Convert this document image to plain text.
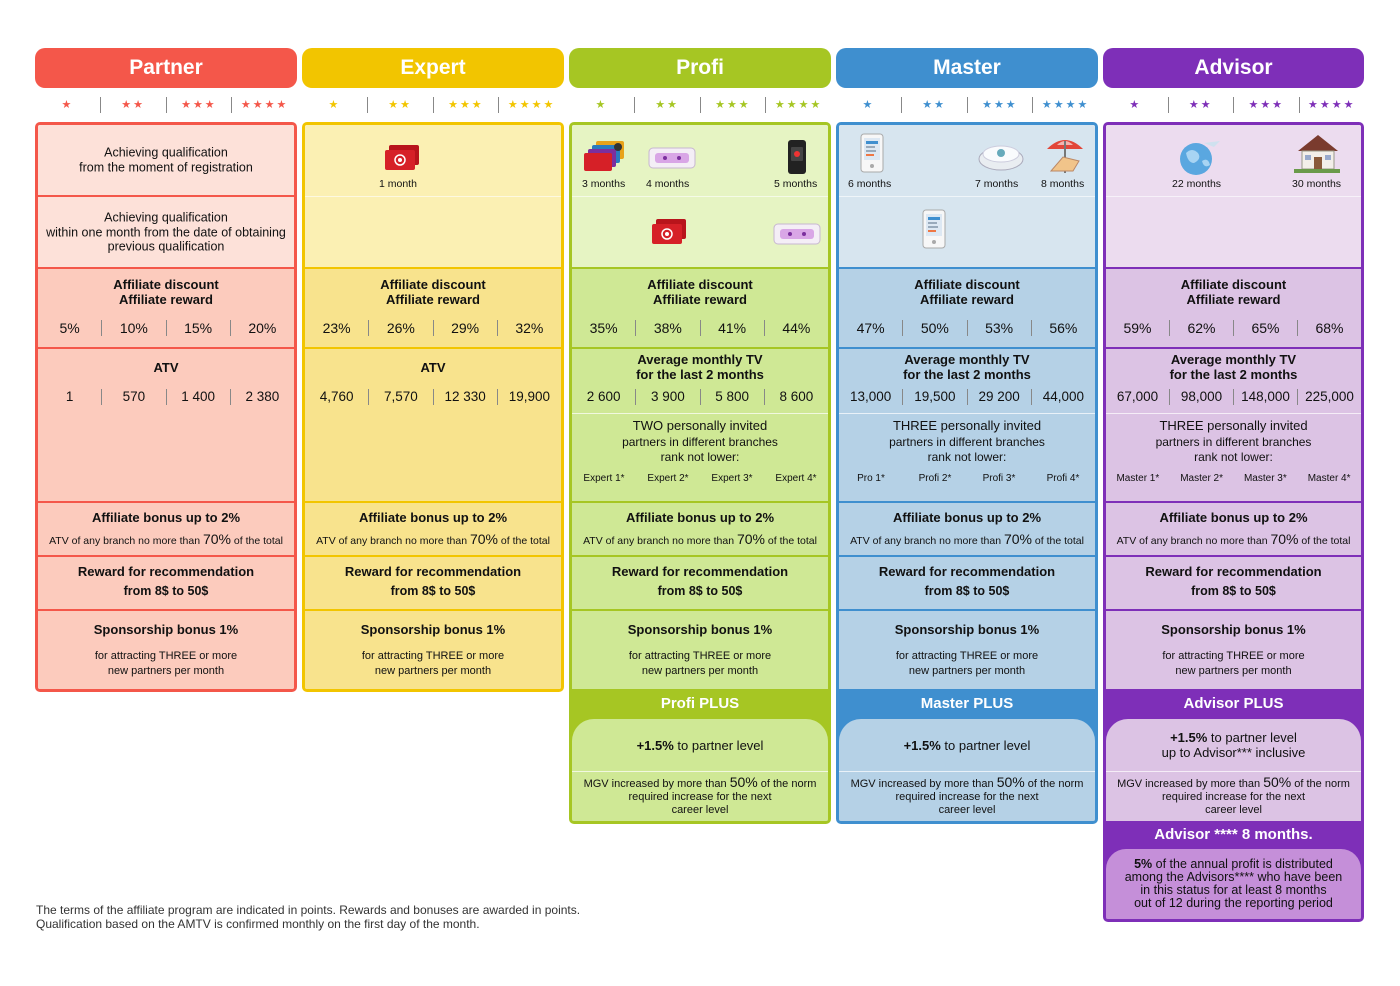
Partner
★	★★	★★★	★★★★
Achieving qualification
from the moment of registration
Achieving qualification
within one month from the date of obtaining
previous qualification
Affiliate discount
Affiliate reward
5%	10%	15%	20%
ATV
1	570	1 400	2 380
Affiliate bonus up to 2%
ATV of any branch no more than 70% of the total
Reward for recommendation
from 8$ to 50$
Sponsorship bonus 1%
for attracting THREE or more
new partners per month
Expert
★	★★	★★★	★★★★
1 month
Affiliate discount
Affiliate reward
23%	26%	29%	32%
ATV
4,760	7,570	12 330	19,900
Affiliate bonus up to 2%
ATV of any branch no more than 70% of the total
Reward for recommendation
from 8$ to 50$
Sponsorship bonus 1%
for attracting THREE or more
new partners per month
Profi
★	★★	★★★	★★★★
3 months 4 months	5 months
Affiliate discount
Affiliate reward
35%	38%	41%	44%
Average monthly TV
for the last 2 months
2 600	3 900	5 800	8 600
TWO personally invited
partners in different branches
rank not lower:
Expert 1*	Expert 2*	Expert 3*	Expert 4*
Affiliate bonus up to 2%
ATV of any branch no more than 70% of the total
Reward for recommendation
from 8$ to 50$
Sponsorship bonus 1%
for attracting THREE or more
new partners per month
Profi PLUS
+1.5% to partner level
MGV increased by more than 50% of the norm
required increase for the next
career level
Master
★	★★	★★★	★★★★
6 months	7 months 8 months
Affiliate discount
Affiliate reward
47%	50%	53%	56%
Average monthly TV
for the last 2 months
13,000	19,500	29 200	44,000
THREE personally invited
partners in different branches
rank not lower:
Pro 1*	Profi 2*	Profi 3*	Profi 4*
Affiliate bonus up to 2%
ATV of any branch no more than 70% of the total
Reward for recommendation
from 8$ to 50$
Sponsorship bonus 1%
for attracting THREE or more
new partners per month
Master PLUS
+1.5% to partner level
MGV increased by more than 50% of the norm
required increase for the next
career level
Advisor
★	★★	★★★	★★★★
22 months	30 months
Affiliate discount
Affiliate reward
59%	62%	65%	68%
Average monthly TV
for the last 2 months
67,000	98,000	148,000	225,000
THREE personally invited
partners in different branches
rank not lower:
Master 1*	Master 2*	Master 3*	Master 4*
Affiliate bonus up to 2%
ATV of any branch no more than 70% of the total
Reward for recommendation
from 8$ to 50$
Sponsorship bonus 1%
for attracting THREE or more
new partners per month
Advisor PLUS
+1.5% to partner level
up to Advisor*** inclusive
MGV increased by more than 50% of the norm
required increase for the next
career level
Advisor **** 8 months.
5% of the annual profit is distributed
among the Advisors**** who have been
in this status for at least 8 months
out of 12 during the reporting period
The terms of the affiliate program are indicated in points. Rewards and bonuses are awarded in points.
Qualification based on the AMTV is confirmed monthly on the first day of the month.
